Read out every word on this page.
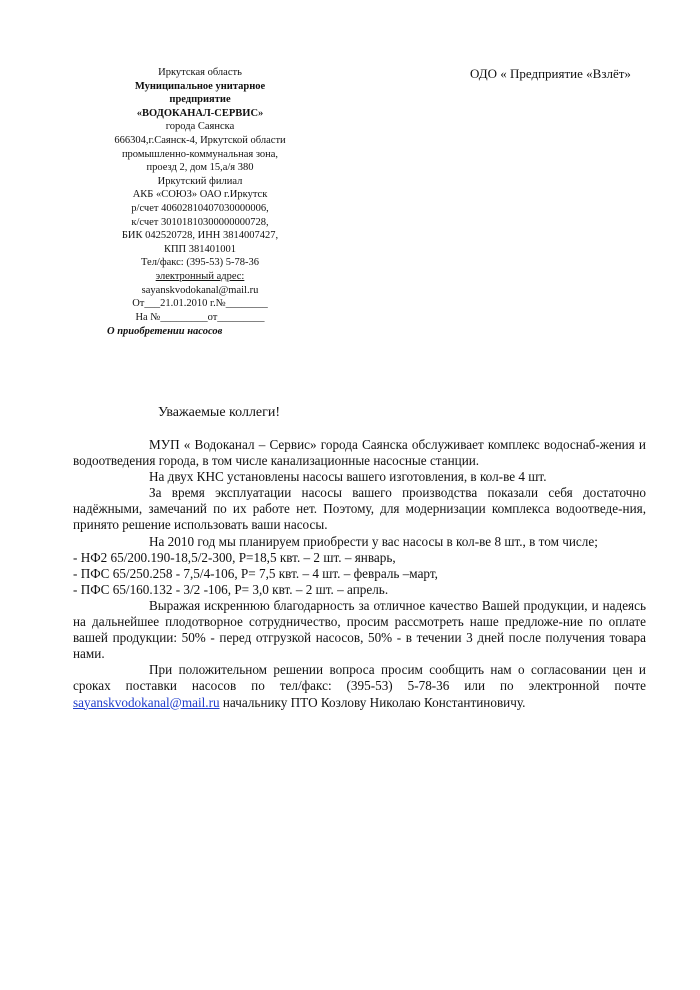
Иркутская область
Муниципальное унитарное
предприятие
«ВОДОКАНАЛ-СЕРВИС»
города Саянска
666304,г.Саянск-4, Иркутской области
промышленно-коммунальная зона,
проезд 2, дом 15,а/я 380
Иркутский филиал
АКБ «СОЮЗ» ОАО г.Иркутск
р/счет 40602810407030000006,
к/счет 30101810300000000728,
БИК 042520728, ИНН 3814007427,
КПП 381401001
Тел/факс: (395-53) 5-78-36
электронный адрес:
sayanskvodokanal@mail.ru
От___21.01.2010 г.№________
На №_________от_________
О приобретении насосов
ОДО « Предприятие «Взлёт»
Уважаемые коллеги!
МУП « Водоканал – Сервис» города Саянска обслуживает комплекс водоснаб-жения и водоотведения города, в том числе канализационные насосные станции.
На двух КНС установлены насосы вашего изготовления, в кол-ве 4 шт.
За время эксплуатации насосы вашего производства показали себя достаточно надёжными, замечаний по их работе нет. Поэтому, для модернизации комплекса водоотведе-ния, принято решение использовать ваши насосы.
На 2010 год мы планируем приобрести у вас насосы в кол-ве 8 шт., в том числе;
- НФ2 65/200.190-18,5/2-300, Р=18,5 квт. – 2 шт. – январь,
- ПФС 65/250.258 - 7,5/4-106, Р= 7,5 квт. – 4 шт. – февраль –март,
- ПФС 65/160.132 - 3/2 -106, Р= 3,0 квт. – 2 шт. – апрель.
Выражая искреннюю благодарность за отличное качество Вашей продукции, и надеясь на дальнейшее плодотворное сотрудничество, просим рассмотреть наше предложе-ние по оплате вашей продукции: 50% - перед отгрузкой насосов, 50% - в течении 3 дней после получения товара нами.
При положительном решении вопроса просим сообщить нам о согласовании цен и сроках поставки насосов по тел/факс: (395-53) 5-78-36 или по электронной почте sayanskvodokanal@mail.ru начальнику ПТО Козлову Николаю Константиновичу.
